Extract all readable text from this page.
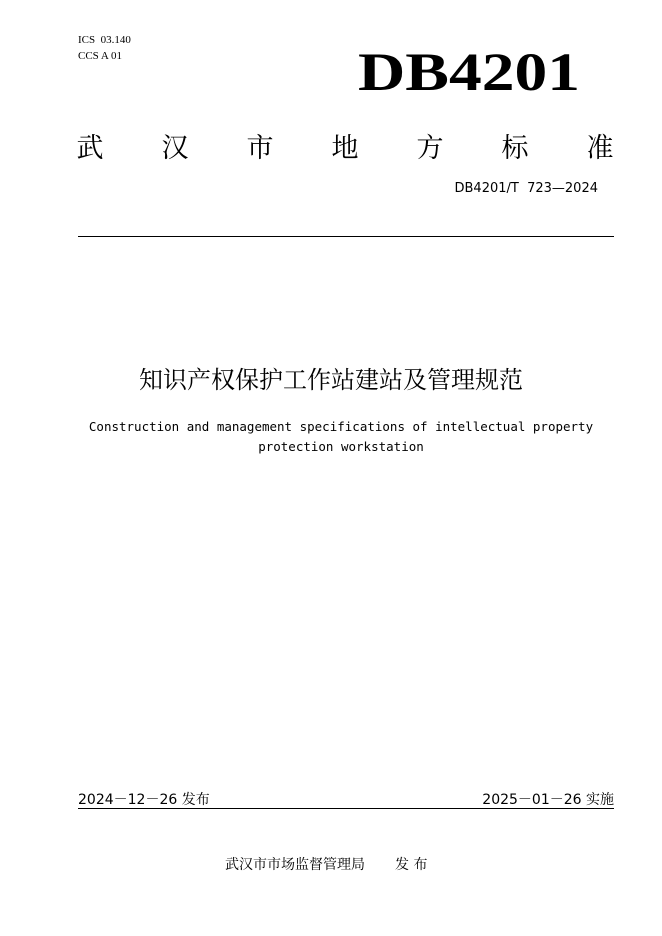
ICS  03.140
CCS A 01	DB4201
武 汉 市 地 方 标 准
DB4201/T  723—2024
知识产权保护工作站建站及管理规范
Construction and management specifications of intellectual property
protection workstation
2024－12－26 发布	2025－01－26 实施
武汉市市场监督管理局 发 布
